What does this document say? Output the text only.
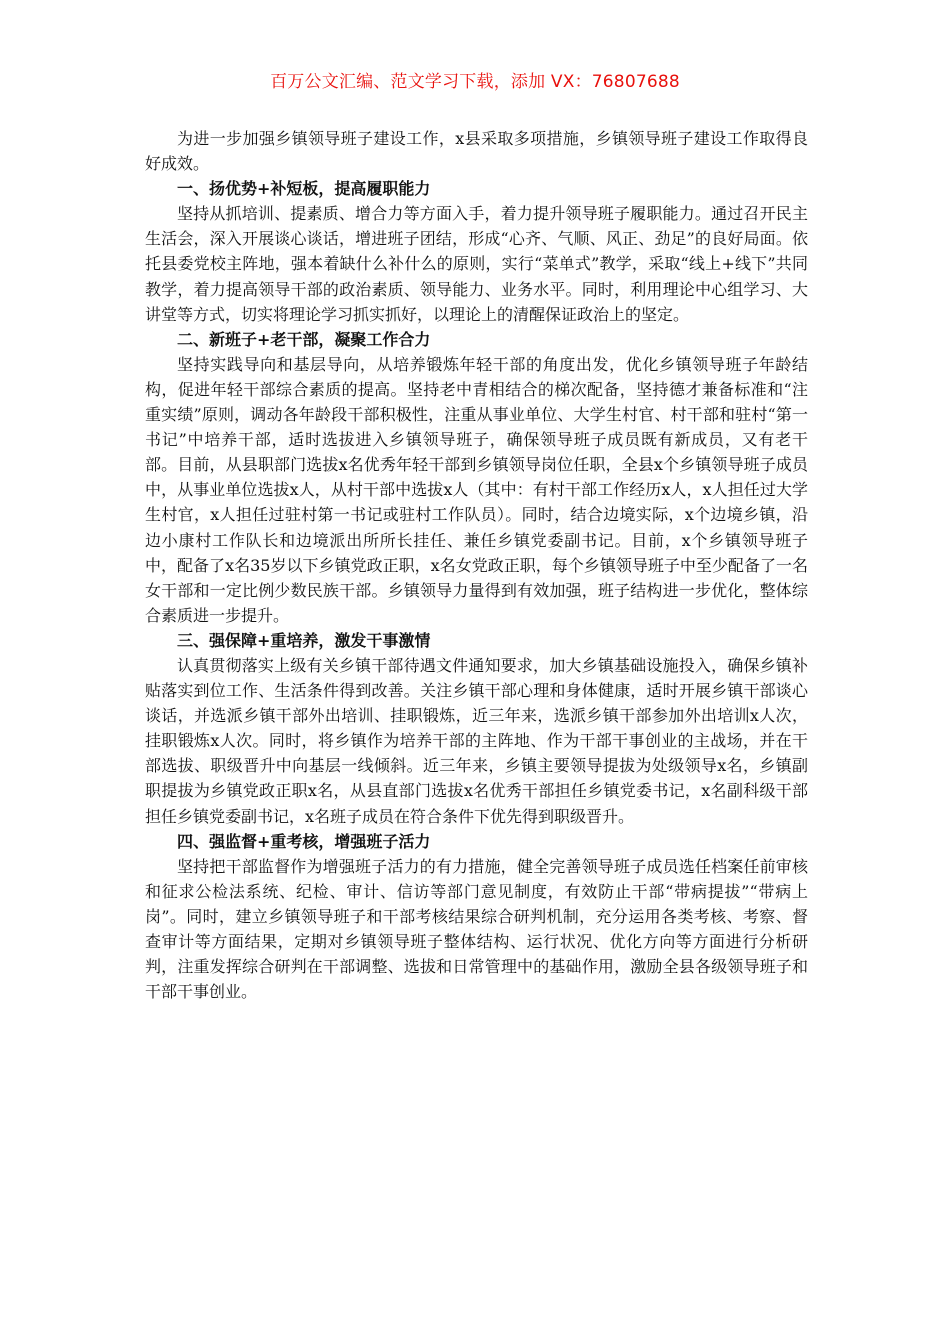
百万公文汇编、范文学习下载，添加 VX：76807688

为进一步加强乡镇领导班子建设工作，x县采取多项措施，乡镇领导班子建设工作取得良好成效。

一、扬优势+补短板，提高履职能力

坚持从抓培训、提素质、增合力等方面入手，着力提升领导班子履职能力。通过召开民主生活会，深入开展谈心谈话，增进班子团结，形成“心齐、气顺、风正、劲足”的良好局面。依托县委党校主阵地，强本着缺什么补什么的原则，实行“菜单式”教学，采取“线上+线下”共同教学，着力提高领导干部的政治素质、领导能力、业务水平。同时，利用理论中心组学习、大讲堂等方式，切实将理论学习抓实抓好，以理论上的清醒保证政治上的坚定。

二、新班子+老干部，凝聚工作合力

坚持实践导向和基层导向，从培养锻炼年轻干部的角度出发，优化乡镇领导班子年龄结构，促进年轻干部综合素质的提高。坚持老中青相结合的梯次配备，坚持德才兼备标准和“注重实绩”原则，调动各年龄段干部积极性，注重从事业单位、大学生村官、村干部和驻村“第一书记”中培养干部，适时选拔进入乡镇领导班子，确保领导班子成员既有新成员，又有老干部。目前，从县职部门选拔x名优秀年轻干部到乡镇领导岗位任职，全县x个乡镇领导班子成员中，从事业单位选拔x人，从村干部中选拔x人（其中：有村干部工作经历x人，x人担任过大学生村官，x人担任过驻村第一书记或驻村工作队员）。同时，结合边境实际，x个边境乡镇，沿边小康村工作队长和边境派出所所长挂任、兼任乡镇党委副书记。目前，x个乡镇领导班子中，配备了x名35岁以下乡镇党政正职，x名女党政正职，每个乡镇领导班子中至少配备了一名女干部和一定比例少数民族干部。乡镇领导力量得到有效加强，班子结构进一步优化，整体综合素质进一步提升。

三、强保障+重培养，激发干事激情

认真贯彻落实上级有关乡镇干部待遇文件通知要求，加大乡镇基础设施投入，确保乡镇补贴落实到位工作、生活条件得到改善。关注乡镇干部心理和身体健康，适时开展乡镇干部谈心谈话，并选派乡镇干部外出培训、挂职锻炼，近三年来，选派乡镇干部参加外出培训x人次，挂职锻炼x人次。同时，将乡镇作为培养干部的主阵地、作为干部干事创业的主战场，并在干部选拔、职级晋升中向基层一线倾斜。近三年来，乡镇主要领导提拔为处级领导x名，乡镇副职提拔为乡镇党政正职x名，从县直部门选拔x名优秀干部担任乡镇党委书记，x名副科级干部担任乡镇党委副书记，x名班子成员在符合条件下优先得到职级晋升。

四、强监督+重考核，增强班子活力

坚持把干部监督作为增强班子活力的有力措施，健全完善领导班子成员选任档案任前审核和征求公检法系统、纪检、审计、信访等部门意见制度，有效防止干部“带病提拔”“带病上岗”。同时，建立乡镇领导班子和干部考核结果综合研判机制，充分运用各类考核、考察、督查审计等方面结果，定期对乡镇领导班子整体结构、运行状况、优化方向等方面进行分析研判，注重发挥综合研判在干部调整、选拔和日常管理中的基础作用，激励全县各级领导班子和干部干事创业。
